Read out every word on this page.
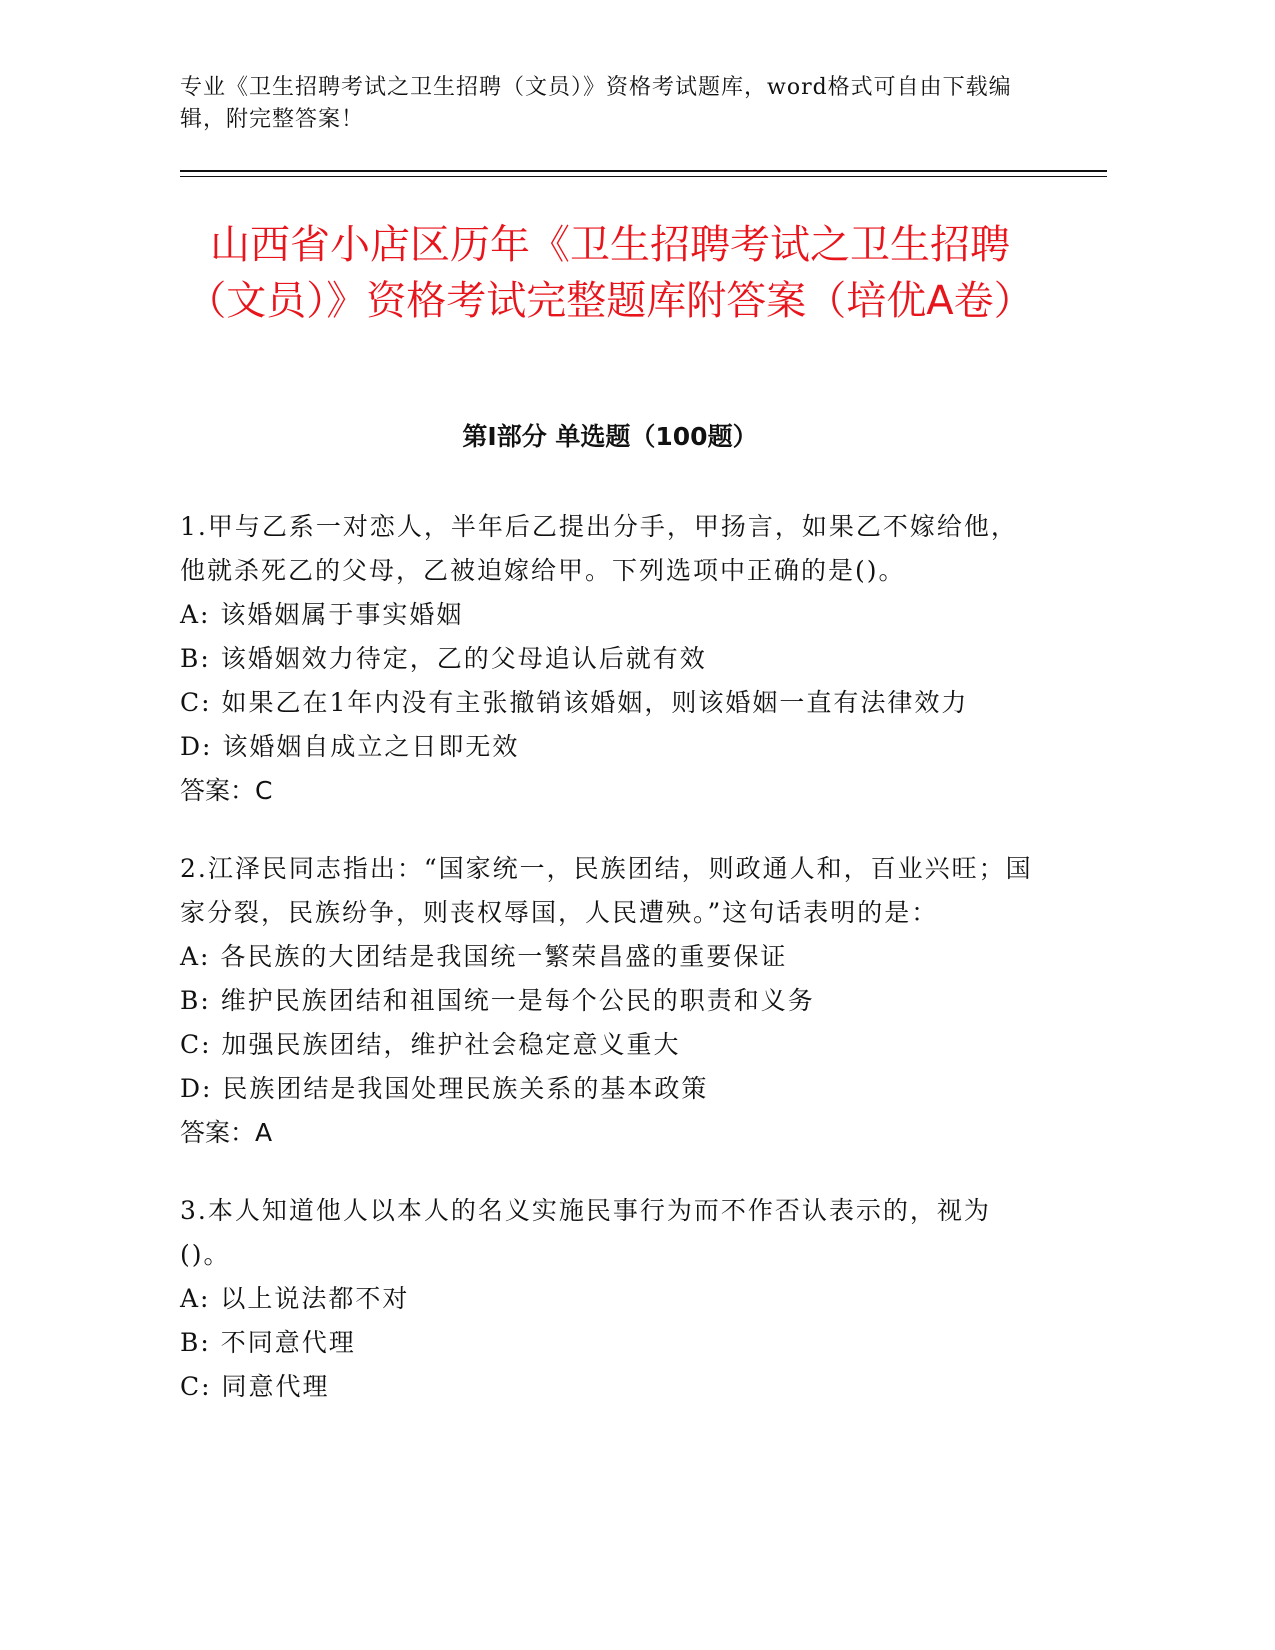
专业《卫生招聘考试之卫生招聘（文员）》资格考试题库，word格式可自由下载编辑，附完整答案！
山西省小店区历年《卫生招聘考试之卫生招聘（文员）》资格考试完整题库附答案（培优A卷）
第I部分 单选题（100题）
1.甲与乙系一对恋人，半年后乙提出分手，甲扬言，如果乙不嫁给他，他就杀死乙的父母，乙被迫嫁给甲。下列选项中正确的是()。
A: 该婚姻属于事实婚姻
B: 该婚姻效力待定，乙的父母追认后就有效
C: 如果乙在1年内没有主张撤销该婚姻，则该婚姻一直有法律效力
D: 该婚姻自成立之日即无效
答案：C
2.江泽民同志指出：“国家统一，民族团结，则政通人和，百业兴旺；国家分裂，民族纷争，则丧权辱国，人民遭殃。”这句话表明的是：
A: 各民族的大团结是我国统一繁荣昌盛的重要保证
B: 维护民族团结和祖国统一是每个公民的职责和义务
C: 加强民族团结，维护社会稳定意义重大
D: 民族团结是我国处理民族关系的基本政策
答案：A
3.本人知道他人以本人的名义实施民事行为而不作否认表示的，视为()。
A: 以上说法都不对
B: 不同意代理
C: 同意代理
